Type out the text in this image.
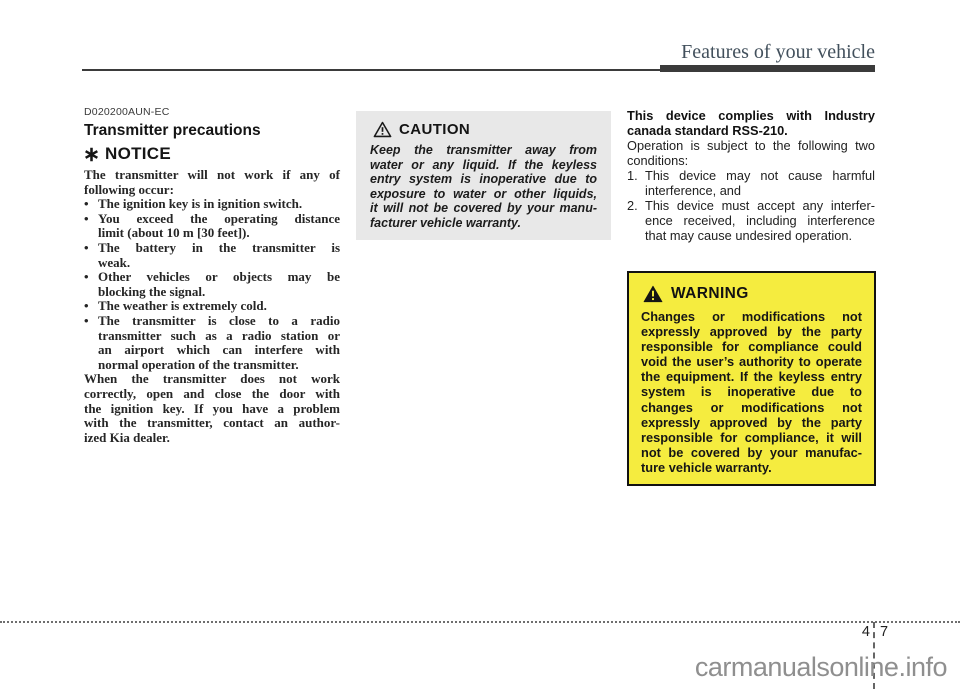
Features of your vehicle
D020200AUN-EC
Transmitter precautions
NOTICE
The transmitter will not work if any of
following occur:
• The ignition key is in ignition switch.
• You exceed the operating distance
limit (about 10 m [30 feet]).
• The battery in the transmitter is
weak.
• Other vehicles or objects may be
blocking the signal.
• The weather is extremely cold.
• The transmitter is close to a radio
transmitter such as a radio station or
an airport which can interfere with
normal operation of the transmitter.
When the transmitter does not work
correctly, open and close the door with
the ignition key. If you have a problem
with the transmitter, contact an author-
ized Kia dealer.
CAUTION
Keep the transmitter away from
water or any liquid. If the keyless
entry system is inoperative due to
exposure to water or other liquids,
it will not be covered by your manu-
facturer vehicle warranty.
This device complies with Industry
canada standard RSS-210.
Operation is subject to the following two
conditions:
1. This device may not cause harmful
interference, and
2. This device must accept any interfer-
ence received, including interference
that may cause undesired operation.
WARNING
Changes or modifications not
expressly approved by the party
responsible for compliance could
void the user’s authority to operate
the equipment. If the keyless entry
system is inoperative due to
changes or modifications not
expressly approved by the party
responsible for compliance, it will
not be covered by your manufac-
ture vehicle warranty.
4 7
carmanualsonline.info
